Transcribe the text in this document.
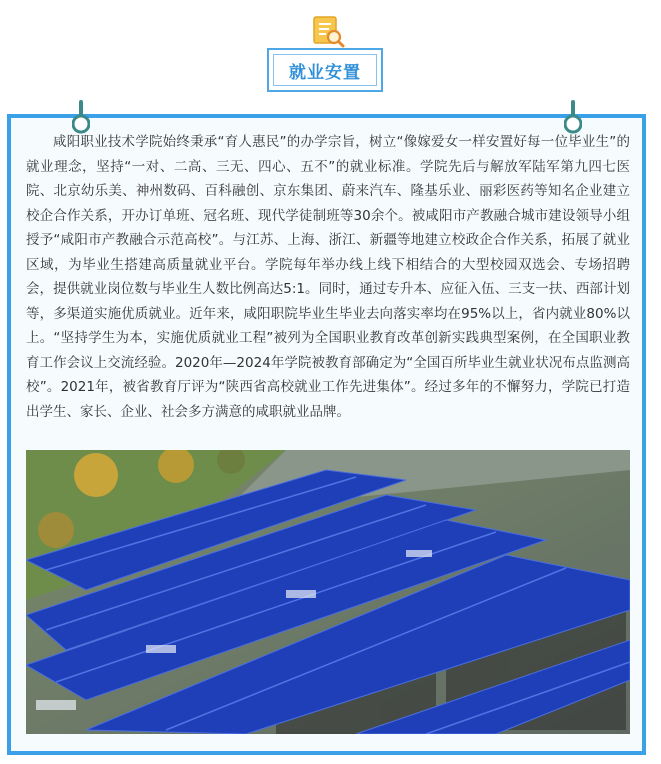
就业安置

咸阳职业技术学院始终秉承“育人惠民”的办学宗旨，树立“像嫁爱女一样安置好每一位毕业生”的就业理念，坚持“一对、二高、三无、四心、五不”的就业标准。学院先后与解放军陆军第九四七医院、北京幼乐美、神州数码、百科融创、京东集团、蔚来汽车、隆基乐业、丽彩医药等知名企业建立校企合作关系，开办订单班、冠名班、现代学徒制班等30余个。被咸阳市产教融合城市建设领导小组授予“咸阳市产教融合示范高校”。与江苏、上海、浙江、新疆等地建立校政企合作关系，拓展了就业区域，为毕业生搭建高质量就业平台。学院每年举办线上线下相结合的大型校园双选会、专场招聘会，提供就业岗位数与毕业生人数比例高达5:1。同时，通过专升本、应征入伍、三支一扶、西部计划等，多渠道实施优质就业。近年来，咸阳职院毕业生毕业去向落实率均在95%以上，省内就业80%以上。“坚持学生为本，实施优质就业工程”被列为全国职业教育改革创新实践典型案例，在全国职业教育工作会议上交流经验。2020年—2024年学院被教育部确定为“全国百所毕业生就业状况布点监测高校”。2021年，被省教育厅评为“陕西省高校就业工作先进集体”。经过多年的不懈努力，学院已打造出学生、家长、企业、社会多方满意的咸职就业品牌。
